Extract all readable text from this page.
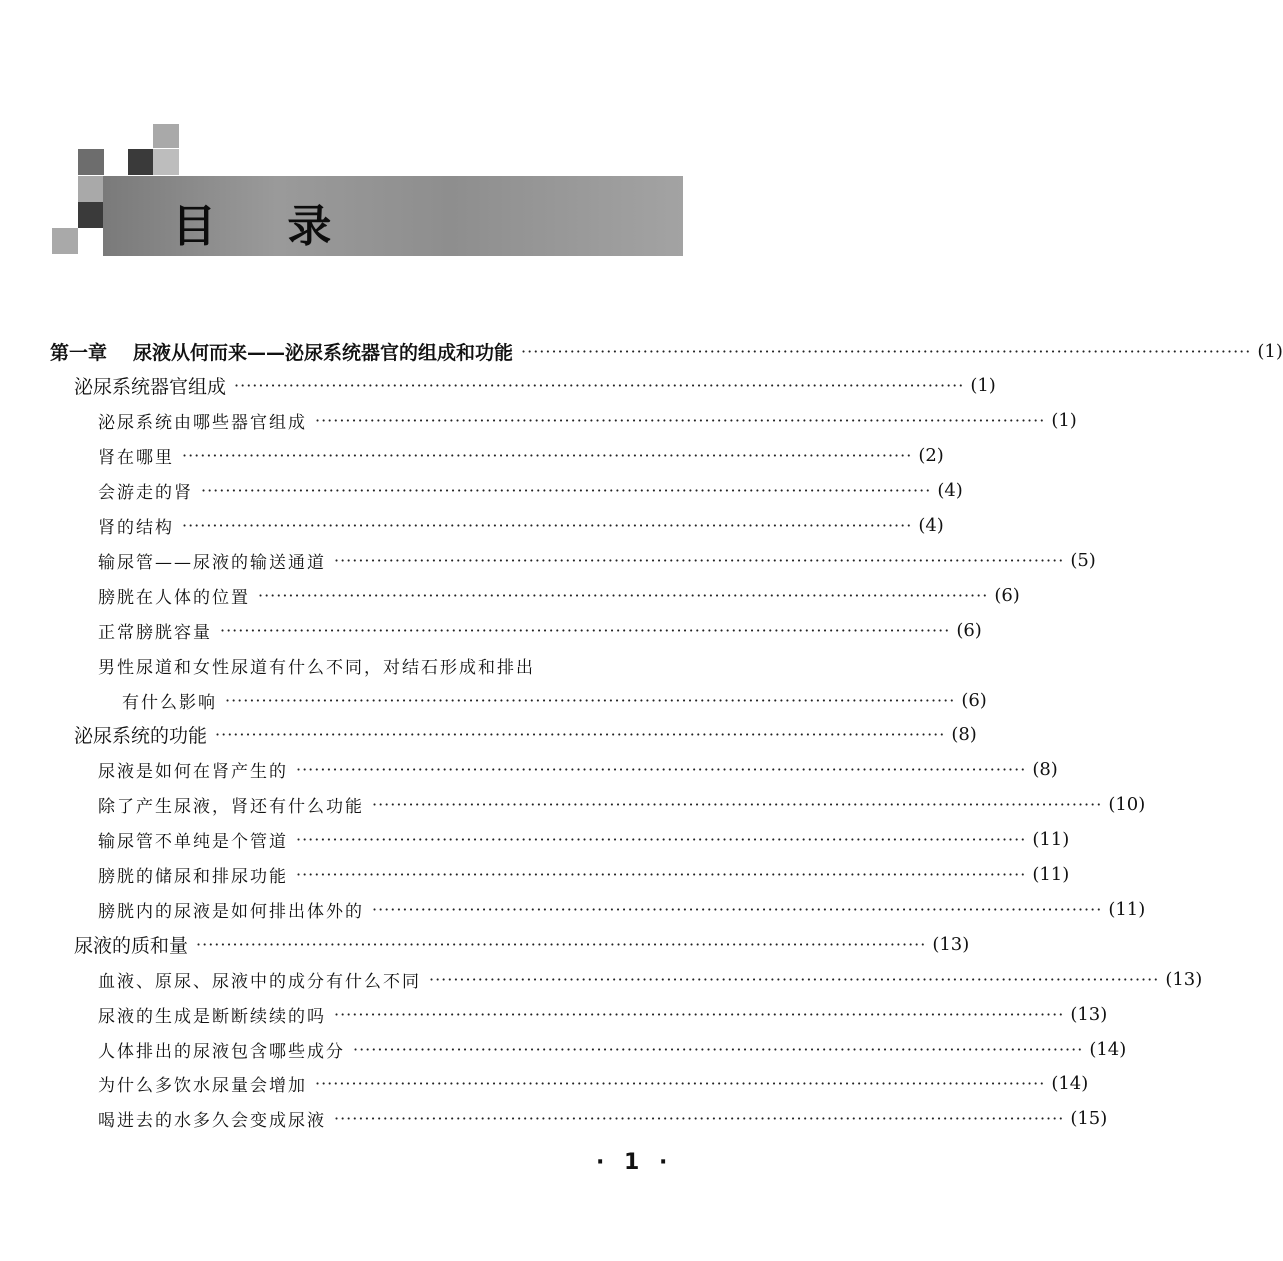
目 录
第一章 尿液从何而来——泌尿系统器官的组成和功能 ························································································································ (1)
泌尿系统器官组成 ························································································································ (1)
泌尿系统由哪些器官组成 ························································································································ (1)
肾在哪里 ························································································································ (2)
会游走的肾 ························································································································ (4)
肾的结构 ························································································································ (4)
输尿管——尿液的输送通道 ························································································································ (5)
膀胱在人体的位置 ························································································································ (6)
正常膀胱容量 ························································································································ (6)
男性尿道和女性尿道有什么不同，对结石形成和排出
有什么影响 ························································································································ (6)
泌尿系统的功能 ························································································································ (8)
尿液是如何在肾产生的 ························································································································ (8)
除了产生尿液，肾还有什么功能 ························································································································ (10)
输尿管不单纯是个管道 ························································································································ (11)
膀胱的储尿和排尿功能 ························································································································ (11)
膀胱内的尿液是如何排出体外的 ························································································································ (11)
尿液的质和量 ························································································································ (13)
血液、原尿、尿液中的成分有什么不同 ························································································································ (13)
尿液的生成是断断续续的吗 ························································································································ (13)
人体排出的尿液包含哪些成分 ························································································································ (14)
为什么多饮水尿量会增加 ························································································································ (14)
喝进去的水多久会变成尿液 ························································································································ (15)
· 1 ·
